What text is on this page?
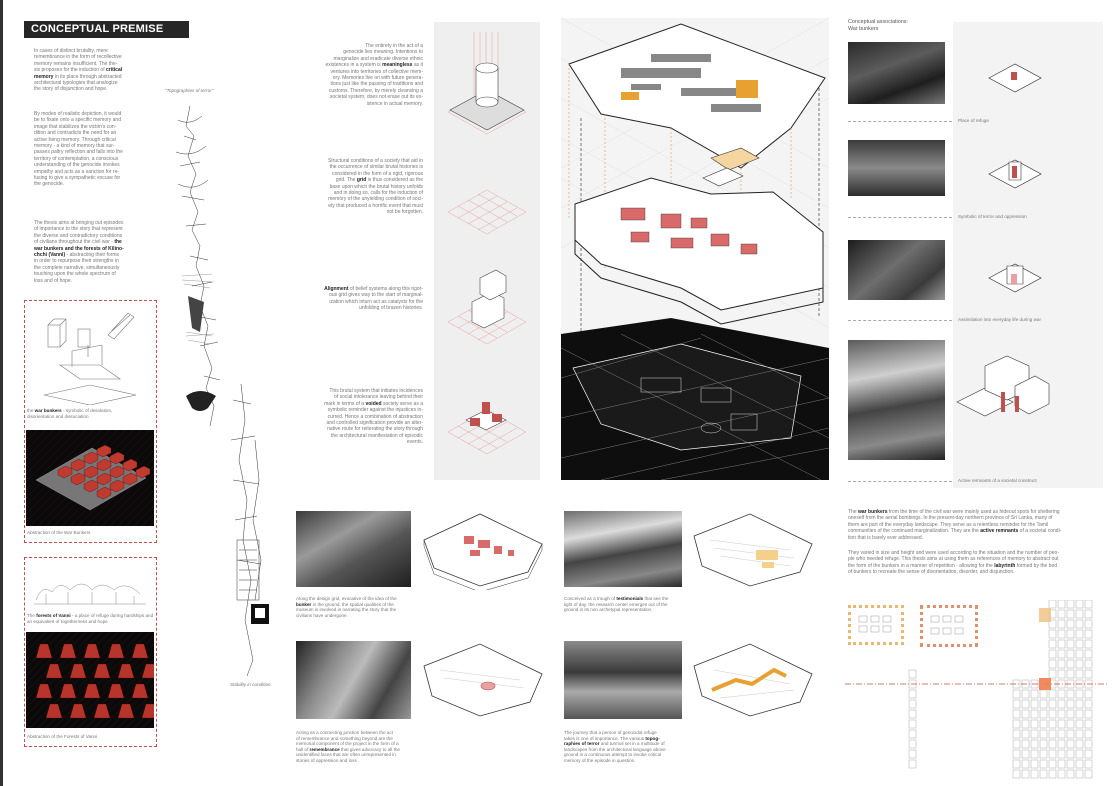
CONCEPTUAL PREMISE
In cases of distinct brutality, mere
remembrance in the form of recollective
memory remains insufficient. The the-
sis proposes for the induction of critical
memory in its place through abstracted
architectural typologies that analogize
the story of disjunction and hope.
By modes of realistic depiction, it would
be to fixate onto a specific memory and
image that stabilizes the victim's con-
dition and contradicts the need for an
active living memory. Through critical
memory - a kind of memory that sur-
passes paltry reflection and falls into the
territory of contemplation, a conscious
understanding of the genocide invokes
empathy and acts as a sanction for re-
fusing to give a sympathetic excuse for
the genocide.
The thesis aims at bringing out episodes
of importance to the story that represent
the diverse and contradictory conditions
of civilians throughout the civil war - the
war bunkers and the forests of Kilino-
chchi (Vanni) - abstracting their forms
in order to repurpose their strengths in
the complete narrative, simultaneously
touching upon the whole spectrum of
loss and of hope.
the war bunkers - symbolic of desolation,
disorientation and dissociation
Abstraction of the War Bunkers
The forests of Vanni - a place of refuge during hardships and
an equivalent of togetherness and hope
Abstraction of the Forests of Vanni
"Topographies of terror"
Stability in condition
The entirety in the act of a
genocide lies meaning. Intentions to
marginalize and eradicate diverse ethnic
existences in a system is meaningless as it
ventures into territories of collective mem-
ory. Memories live on with future genera-
tions just like the passing of traditions and
customs. Therefore, by merely cleansing a
societal system, does not erase out its ex-
istence in actual memory.
Structural conditions of a society that aid in
the occurrence of similar brutal histories is
considered in the form of a rigid, rigorous
grid. The grid is thus considered as the
base upon which the brutal history unfolds
and in doing so, calls for the induction of
memory of the unyielding condition of soci-
ety that produced a horrific event that must
not be forgotten.
Alignment of belief systems along this rigor-
ous grid gives way to the start of marginal-
ization which inturn act as catalysts for the
unfolding of brazen histories.
This brutal system that initiates incidences
of social intolerance leaving behind their
mark in terms of a voided society serve as a
symbolic reminder against the injustices in-
curred. Hence a combination of abstraction
and controlled signification provide an alter-
native route for reiterating the story through
the architectural manifestation of episodic
events.
Conceptual associations:
War bunkers
Place of refuge
Symbolic of terror and oppression
Assimilation into everyday life during war
Active remnants of a societal construct
The war bunkers from the time of the civil war were mainly used as hideout spots for sheltering
oneself from the aerial bombings. In the present-day northern province of Sri Lanka, many of
them are part of the everyday landscape. They serve as a relentless reminder for the Tamil
communities of the continued marginalization. They are the active remnants of a societal condi-
tion that is barely ever addressed.
They varied in size and height and were used according to the situation and the number of peo-
ple who needed refuge. This thesis aims at using them as references of memory to abstract out
the form of the bunkers in a manner of repetition - allowing for the labyrinth formed by the bed
of bunkers to recreate the sense of disorientation, disorder, and disjunction.
Along the design grid, evocative of the idea of the
bunker in the ground, the spatial qualities of the
museum is involved in narrating the story that the
civilians have undergone.
Conceived as a trough of testimonials that see the
light of day, the research center emerges out of the
ground in its non archetypal representation.
Acting as a connecting junction between the act
of remembrance and something beyond are the
memorial component of the project in the form of a
hall of remembrance that gives advocacy to all the
unidentified faces that are often unrepresented in
stories of oppression and loss
The journey that a person of genocidal refuge
takes is one of importance. The various topog-
raphies of terror and turmoil set in a multitude of
landscapes from the architectural language above
ground in a continuous attempt to invoke critical
memory of the episode in question.
